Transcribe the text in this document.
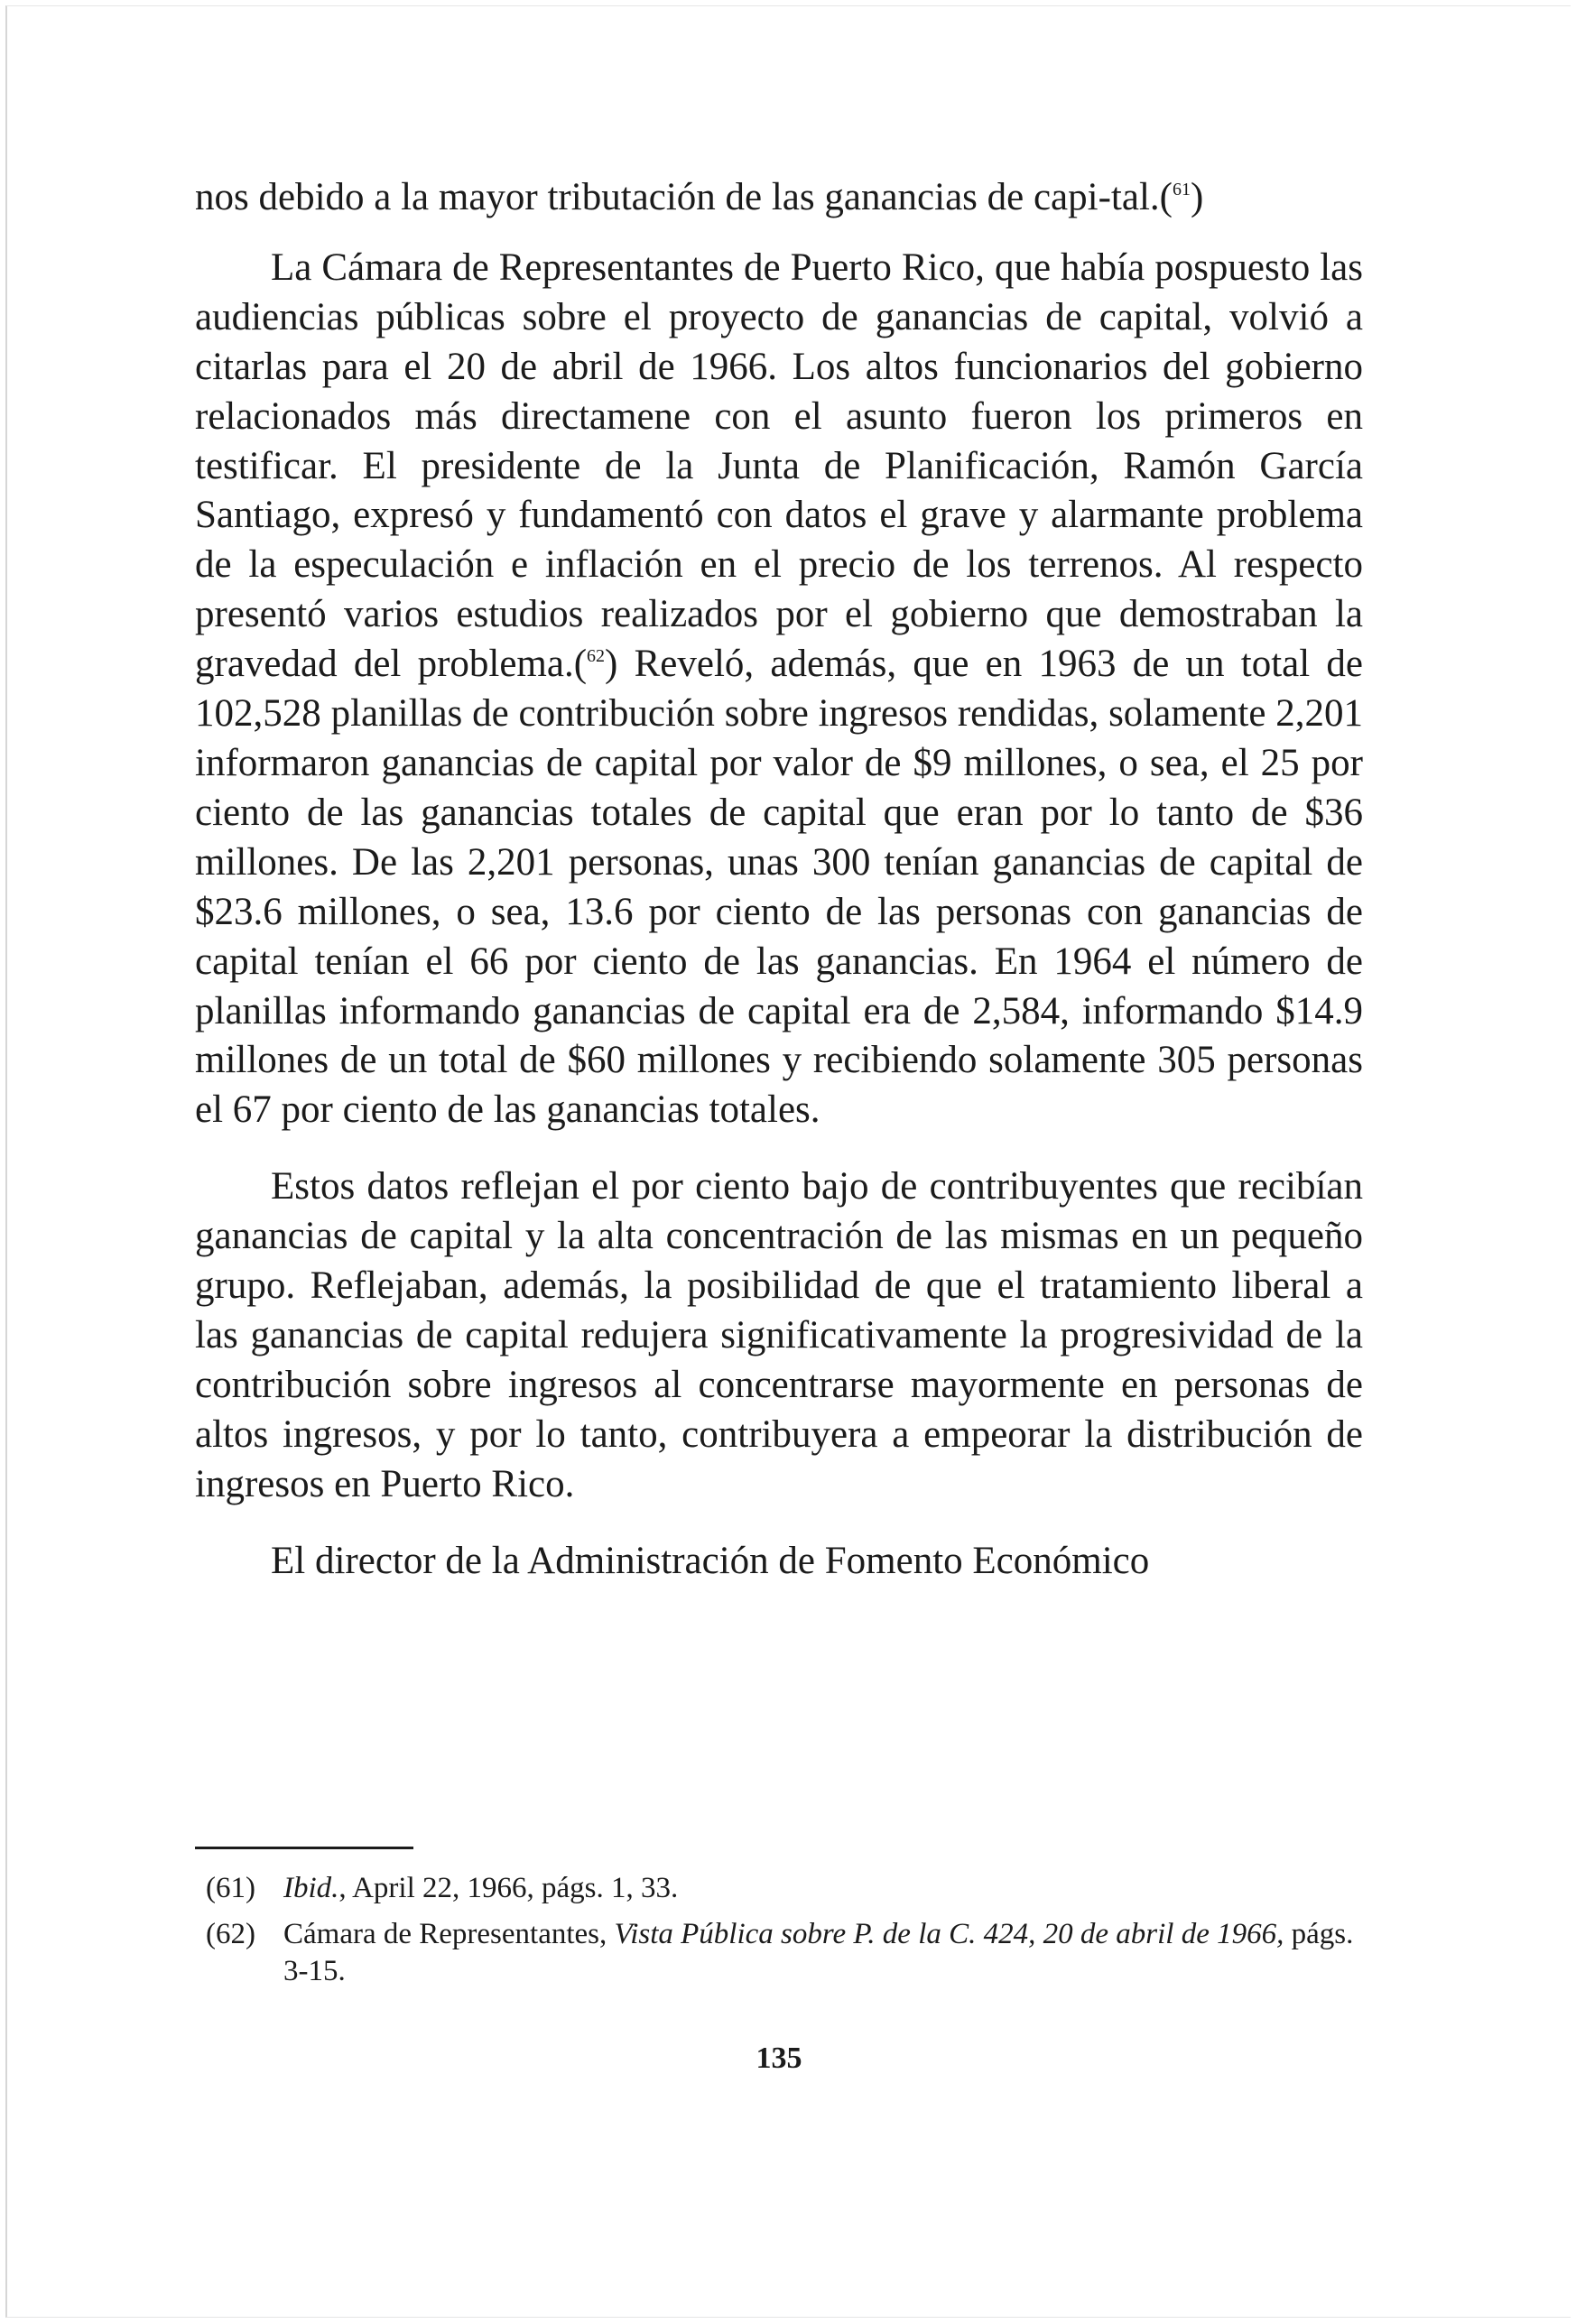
nos debido a la mayor tributación de las ganancias de capi-tal.($^{61}$)

La Cámara de Representantes de Puerto Rico, que había pospuesto las audiencias públicas sobre el proyecto de ganancias de capital, volvió a citarlas para el 20 de abril de 1966. Los altos funcionarios del gobierno relacionados más directamene con el asunto fueron los primeros en testificar. El presidente de la Junta de Planificación, Ramón García Santiago, expresó y fundamentó con datos el grave y alarmante problema de la especulación e inflación en el precio de los terrenos. Al respecto presentó varios estudios realizados por el gobierno que demostraban la gravedad del problema.($^{62}$) Reveló, además, que en 1963 de un total de 102,528 planillas de contribución sobre ingresos rendidas, solamente 2,201 informaron ganancias de capital por valor de $9 millones, o sea, el 25 por ciento de las ganancias totales de capital que eran por lo tanto de $36 millones. De las 2,201 personas, unas 300 tenían ganancias de capital de $23.6 millones, o sea, 13.6 por ciento de las personas con ganancias de capital tenían el 66 por ciento de las ganancias. En 1964 el número de planillas informando ganancias de capital era de 2,584, informando $14.9 millones de un total de $60 millones y recibiendo solamente 305 personas el 67 por ciento de las ganancias totales.

Estos datos reflejan el por ciento bajo de contribuyentes que recibían ganancias de capital y la alta concentración de las mismas en un pequeño grupo. Reflejaban, además, la posibilidad de que el tratamiento liberal a las ganancias de capital redujera significativamente la progresividad de la contribución sobre ingresos al concentrarse mayormente en personas de altos ingresos, y por lo tanto, contribuyera a empeorar la distribución de ingresos en Puerto Rico.

El director de la Administración de Fomento Económico

(61) Ibid., April 22, 1966, págs. 1, 33.
(62) Cámara de Representantes, Vista Pública sobre P. de la C. 424, 20 de abril de 1966, págs. 3-15.
135
